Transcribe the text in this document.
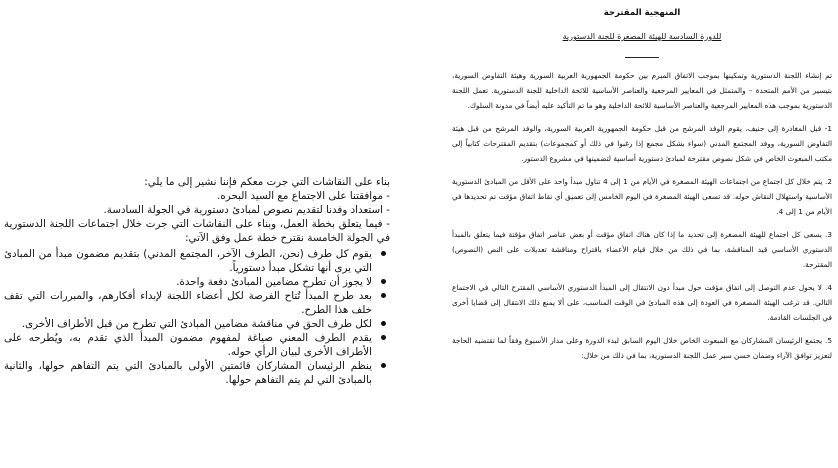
المنهجية المقترحة
للدورة السادسة للهيئة المصغرة للجنة الدستورية
تم إنشاء اللجنة الدستورية وتمكينها بموجب الاتفاق المبرم بين حكومة الجمهورية العربية السورية وهيئة التفاوض السورية، بتيسير من الأمم المتحدة – والمتمثل في المعايير المرجعية والعناصر الأساسية للائحة الداخلية للجنة الدستورية. تعمل اللجنة الدستورية بموجب هذه المعايير المرجعية والعناصر الأساسية للائحة الداخلية وهو ما تم التأكيد عليه أيضاً في مدونة السلوك.
1- قبل المغادرة إلى جنيف، يقوم الوفد المرشح من قبل حكومة الجمهورية العربية السورية، والوفد المرشح من قبل هيئة التفاوض السورية، ووفد المجتمع المدني (سواء بشكل مجمع إذا رغبوا في ذلك أو كمجموعات) بتقديم المقترحات كتابياً إلى مكتب المبعوث الخاص في شكل نصوص مقترحة لمبادئ دستورية أساسية لتضمينها في مشروع الدستور.
2. يتم خلال كل اجتماع من اجتماعات الهيئة المصغرة في الأيام من 1 إلى 4 تناول مبدأ واحد على الأقل من المبادئ الدستورية الأساسية واستهلال النقاش حوله. قد تسعى الهيئة المصغرة في اليوم الخامس إلى تعميق أي نقاط اتفاق مؤقت تم تحديدها في الأيام من 1 إلى 4.
3. يسعى كل اجتماع للهيئة المصغرة إلى تحديد ما إذا كان هناك اتفاق مؤقت أو بعض عناصر اتفاق مؤقتة فيما يتعلق بالمبدأ الدستوري الأساسي قيد المناقشة، بما في ذلك من خلال قيام الأعضاء باقتراح ومناقشة تعديلات على النص (النصوص) المقترحة.
4. لا يحول عدم التوصل إلى اتفاق مؤقت حول مبدأ دون الانتقال إلى المبدأ الدستوري الأساسي المقترح التالي في الاجتماع التالي. قد ترغب الهيئة المصغرة في العودة إلى هذه المبادئ في الوقت المناسب، على ألا يمنع ذلك الانتقال إلى قضايا أخرى في الجلسات القادمة.
5. يجتمع الرئيسان المشاركان مع المبعوث الخاص خلال اليوم السابق لبدء الدورة وعلى مدار الأسبوع وفقاً لما تقتضيه الحاجة لتعزيز توافق الآراء وضمان حسن سير عمل اللجنة الدستورية، بما في ذلك من خلال:
بناء على النقاشات التي جرت معكم فإننا نشير إلى ما يلي:
- موافقتنا على الاجتماع مع السيد البحره.
- استعداد وفدنا لتقديم نصوص لمبادئ دستورية في الجولة السادسة.
- فيما يتعلق بخطة العمل، وبناء على النقاشات التي جرت خلال اجتماعات اللجنة الدستورية في الجولة الخامسة نقترح خطة عمل وفق الآتي:
يقوم كل طرف (نحن، الطرف الآخر، المجتمع المدني) بتقديم مضمون مبدأ من المبادئ التي يرى أنها تشكل مبدأ دستورياً.
لا يجوز أن تطرح مضامين المبادئ دفعة واحدة.
بعد طرح المبدأ تُتاح الفرصة لكل أعضاء اللجنة لإبداء أفكارهم، والمبررات التي تقف خلف هذا الطرح.
لكل طرف الحق في مناقشة مضامين المبادئ التي تطرح من قبل الأطراف الأخرى.
يقدم الطرف المعني صياغة لمفهوم مضمون المبدأ الذي تقدم به، ويُطرحه على الأطراف الأخرى لبيان الرأي حوله.
ينظم الرئيسان المشاركان قائمتين الأولى بالمبادئ التي يتم التفاهم حولها، والثانية بالمبادئ التي لم يتم التفاهم حولها.
